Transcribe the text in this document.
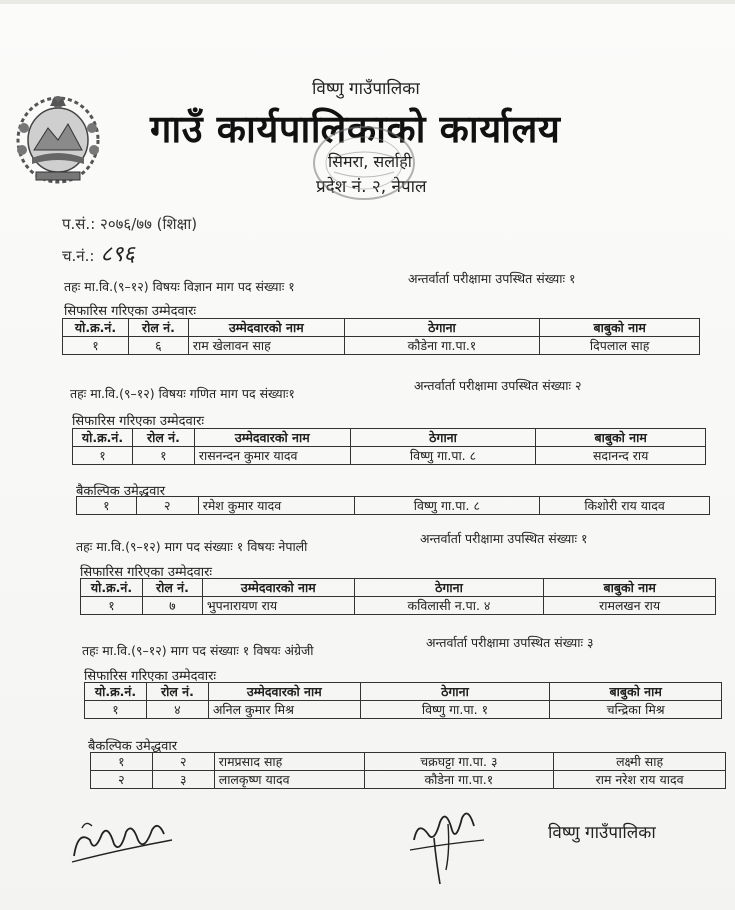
विष्णु गाउँपालिका
गाउँ कार्यपालिकाको कार्यालय
सिमरा, सर्लाही
प्रदेश नं. २, नेपाल
प.सं.: २०७६/७७ (शिक्षा)
च.नं.: ८९६
तहः मा.वि.(९–१२) विषयः विज्ञान माग पद संख्याः १
अन्तर्वार्ता परीक्षामा उपस्थित संख्याः १
सिफारिस गरिएका उम्मेदवारः
यो.क्र.नं.	रोल नं.	उम्मेदवारको नाम	ठेगाना	बाबुको नाम
१	६	राम खेलावन साह	कौडेना गा.पा.१	दिपलाल साह
तहः मा.वि.(९–१२) विषयः गणित माग पद संख्याः१
अन्तर्वार्ता परीक्षामा उपस्थित संख्याः २
सिफारिस गरिएका उम्मेदवारः
यो.क्र.नं.	रोल नं.	उम्मेदवारको नाम	ठेगाना	बाबुको नाम
१	१	रासनन्दन कुमार यादव	विष्णु गा.पा. ८	सदानन्द राय
बैकल्पिक उमेद्धवार
१	२	रमेश कुमार यादव	विष्णु गा.पा. ८	किशोरी राय यादव
तहः मा.वि.(९–१२) माग पद संख्याः १ विषयः नेपाली
अन्तर्वार्ता परीक्षामा उपस्थित संख्याः १
सिफारिस गरिएका उम्मेदवारः
यो.क्र.नं.	रोल नं.	उम्मेदवारको नाम	ठेगाना	बाबुको नाम
१	७	भुपनारायण राय	कविलासी न.पा. ४	रामलखन राय
तहः मा.वि.(९–१२) माग पद संख्याः १ विषयः अंग्रेजी
अन्तर्वार्ता परीक्षामा उपस्थित संख्याः ३
सिफारिस गरिएका उम्मेदवारः
यो.क्र.नं.	रोल नं.	उम्मेदवारको नाम	ठेगाना	बाबुको नाम
१	४	अनिल कुमार मिश्र	विष्णु गा.पा. १	चन्द्रिका मिश्र
बैकल्पिक उमेद्धवार
१	२	रामप्रसाद साह	चक्रघट्टा गा.पा. ३	लक्ष्मी साह
२	३	लालकृष्ण यादव	कौडेना गा.पा.१	राम नरेश राय यादव
विष्णु गाउँपालिका
